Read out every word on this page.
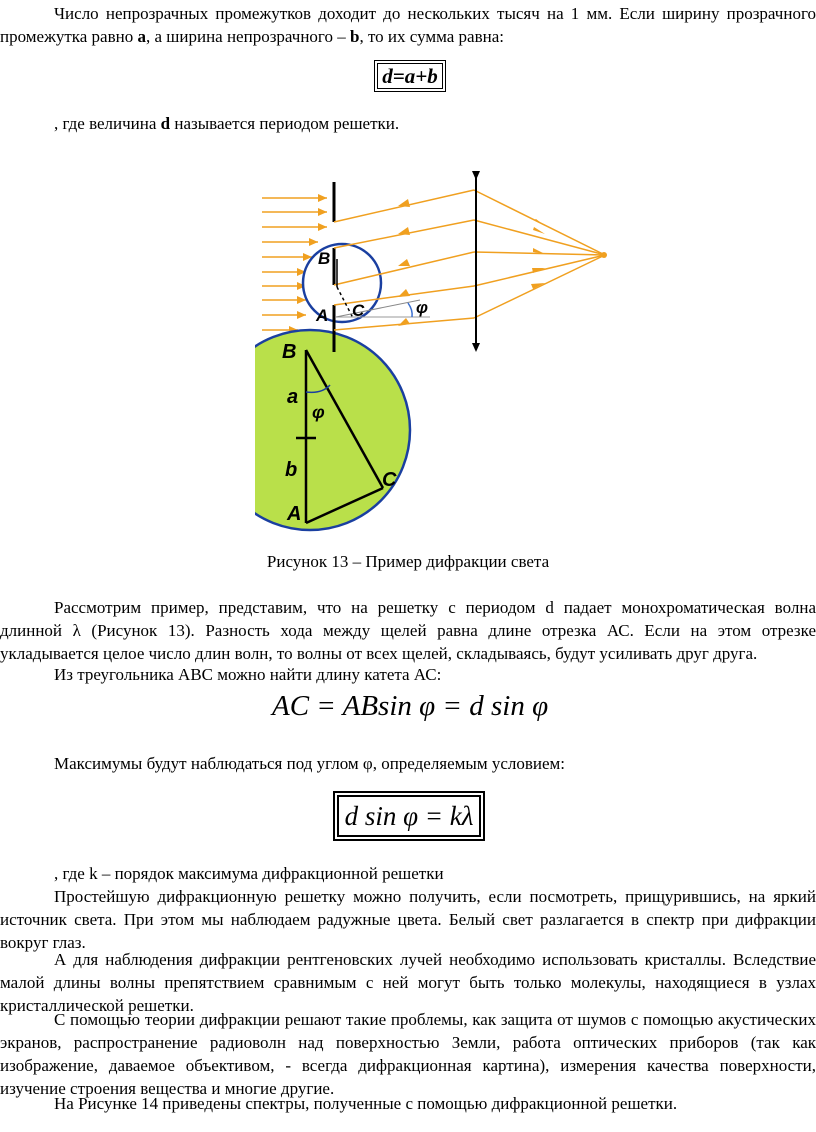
Число непрозрачных промежутков доходит до нескольких тысяч на 1 мм. Если ширину прозрачного промежутка равно a, а ширина непрозрачного – b, то их сумма равна:
d=a+b
, где величина d называется периодом решетки.
B
A C	φ
B
a
φ
b	C
A
Рисунок 13 – Пример дифракции света
Рассмотрим пример, представим, что на решетку с периодом d падает монохроматическая волна длинной λ (Рисунок 13). Разность хода между щелей равна длине отрезка АС. Если на этом отрезке укладывается целое число длин волн, то волны от всех щелей, складываясь, будут усиливать друг друга.
Из треугольника АВС можно найти длину катета АС:
AC = ABsin φ = d sin φ
Максимумы будут наблюдаться под углом φ, определяемым условием:
d sin φ = kλ
, где k – порядок максимума дифракционной решетки
Простейшую дифракционную решетку можно получить, если посмотреть, прищурившись, на яркий источник света. При этом мы наблюдаем радужные цвета. Белый свет разлагается в спектр при дифракции вокруг глаз.
А для наблюдения дифракции рентгеновских лучей необходимо использовать кристаллы. Вследствие малой длины волны препятствием сравнимым с ней могут быть только молекулы, находящиеся в узлах кристаллической решетки.
С помощью теории дифракции решают такие проблемы, как защита от шумов с помощью акустических экранов, распространение радиоволн над поверхностью Земли, работа оптических приборов (так как изображение, даваемое объективом, - всегда дифракционная картина), измерения качества поверхности, изучение строения вещества и многие другие.
На Рисунке 14 приведены спектры, полученные с помощью дифракционной решетки.
